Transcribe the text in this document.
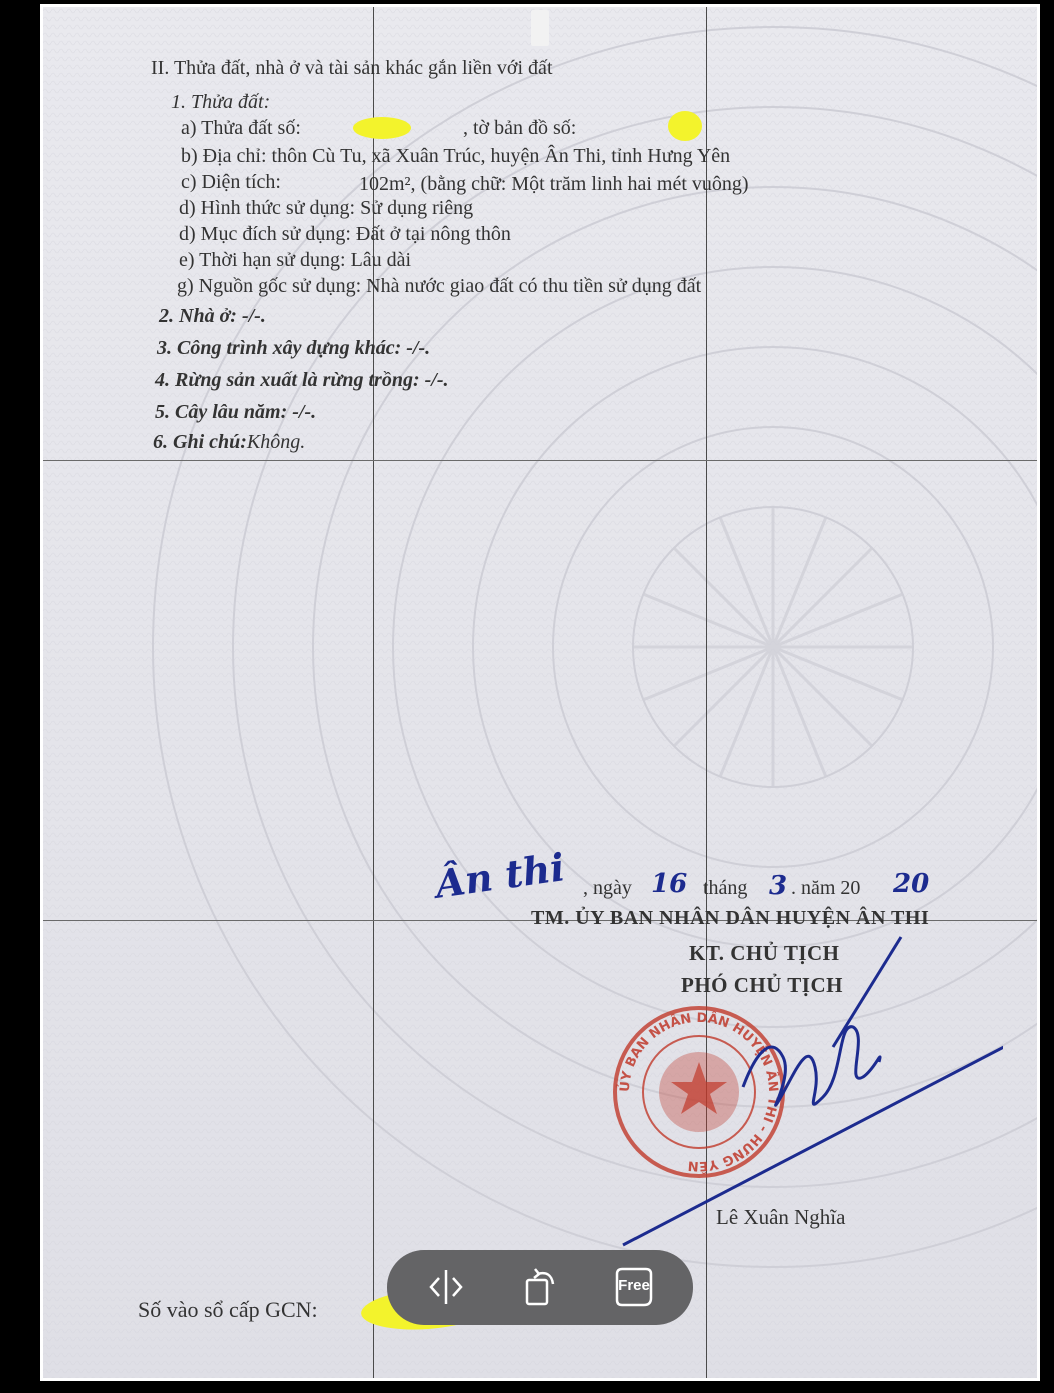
II. Thửa đất, nhà ở và tài sản khác gắn liền với đất
1. Thửa đất:
a) Thửa đất số:	, tờ bản đồ số:
b) Địa chỉ: thôn Cù Tu, xã Xuân Trúc, huyện Ân Thi, tỉnh Hưng Yên
c) Diện tích:	102m², (bằng chữ: Một trăm linh hai mét vuông)
d) Hình thức sử dụng: Sử dụng riêng
d) Mục đích sử dụng: Đất ở tại nông thôn
e) Thời hạn sử dụng: Lâu dài
g) Nguồn gốc sử dụng: Nhà nước giao đất có thu tiền sử dụng đất
2. Nhà ở: -/-.
3. Công trình xây dựng khác: -/-.
4. Rừng sản xuất là rừng trồng: -/-.
5. Cây lâu năm: -/-.
6. Ghi chú:Không.
Ân thi , ngày 16 tháng 3 . năm 20 20
TM. ỦY BAN NHÂN DÂN HUYỆN ÂN THI
KT. CHỦ TỊCH
PHÓ CHỦ TỊCH
ỦY BAN NHÂN DÂN HUYỆN ÂN THI - HƯNG YÊN
Lê Xuân Nghĩa
Số vào sổ cấp GCN:
Free
